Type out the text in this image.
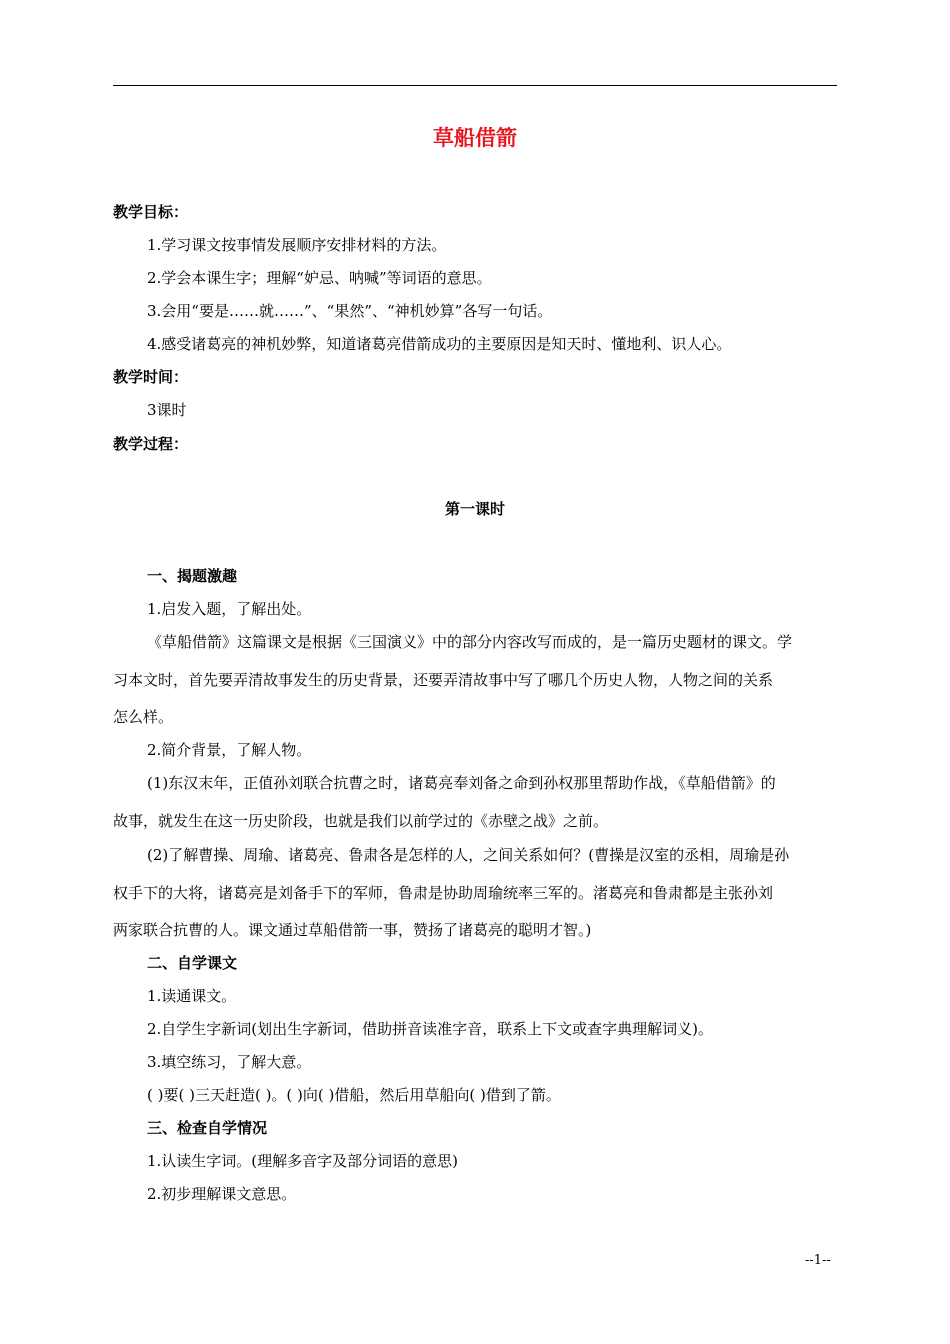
草船借箭
教学目标：
1.学习课文按事情发展顺序安排材料的方法。
2.学会本课生字；理解“妒忌、呐喊”等词语的意思。
3.会用“要是……就……”、“果然”、“神机妙算”各写一句话。
4.感受诸葛亮的神机妙弊，知道诸葛亮借箭成功的主要原因是知天时、懂地利、识人心。
教学时间：
3课时
教学过程：
第一课时
一、揭题激趣
1.启发入题，了解出处。
《草船借箭》这篇课文是根据《三国演义》中的部分内容改写而成的，是一篇历史题材的课文。学
习本文时，首先要弄清故事发生的历史背景，还要弄清故事中写了哪几个历史人物，人物之间的关系
怎么样。
2.简介背景，了解人物。
(1)东汉末年，正值孙刘联合抗曹之时，诸葛亮奉刘备之命到孙权那里帮助作战，《草船借箭》的
故事，就发生在这一历史阶段，也就是我们以前学过的《赤壁之战》之前。
(2)了解曹操、周瑜、诸葛亮、鲁肃各是怎样的人，之间关系如何？(曹操是汉室的丞相，周瑜是孙
权手下的大将，诸葛亮是刘备手下的军师，鲁肃是协助周瑜统率三军的。渚葛亮和鲁肃都是主张孙刘
两家联合抗曹的人。课文通过草船借箭一事，赞扬了诸葛亮的聪明才智。)
二、自学课文
1.读通课文。
2.自学生字新词(划出生字新词，借助拼音读准字音，联系上下文或查字典理解词义)。
3.填空练习，了解大意。
( )要( )三天赶造( )。( )向( )借船，然后用草船向( )借到了箭。
三、检查自学情况
1.认读生字词。(理解多音字及部分词语的意思)
2.初步理解课文意思。
--1--
